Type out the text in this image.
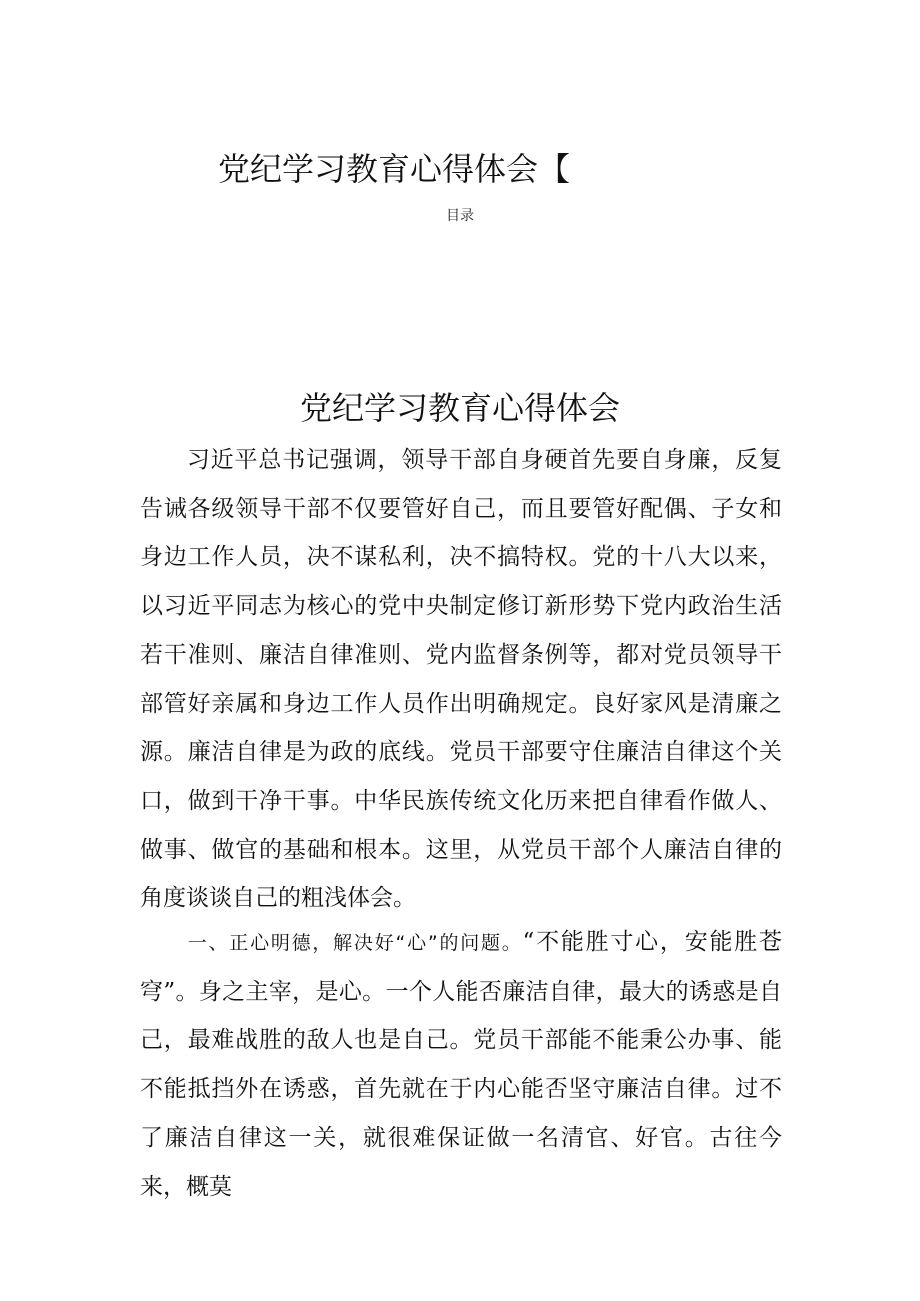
党纪学习教育心得体会【
目录
党纪学习教育心得体会
习近平总书记强调，领导干部自身硬首先要自身廉，反复告诫各级领导干部不仅要管好自己，而且要管好配偶、子女和身边工作人员，决不谋私利，决不搞特权。党的十八大以来，以习近平同志为核心的党中央制定修订新形势下党内政治生活若干准则、廉洁自律准则、党内监督条例等，都对党员领导干部管好亲属和身边工作人员作出明确规定。良好家风是清廉之源。廉洁自律是为政的底线。党员干部要守住廉洁自律这个关口，做到干净干事。中华民族传统文化历来把自律看作做人、做事、做官的基础和根本。这里，从党员干部个人廉洁自律的角度谈谈自己的粗浅体会。
一、正心明德，解决好“心”的问题。“不能胜寸心，安能胜苍穹”。身之主宰，是心。一个人能否廉洁自律，最大的诱惑是自己，最难战胜的敌人也是自己。党员干部能不能秉公办事、能不能抵挡外在诱惑，首先就在于内心能否坚守廉洁自律。过不了廉洁自律这一关，就很难保证做一名清官、好官。古往今来，概莫
